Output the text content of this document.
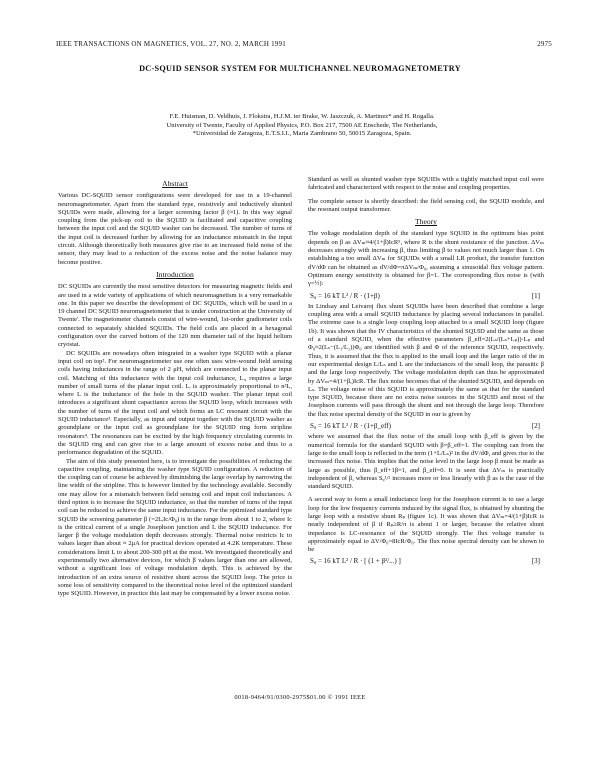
IEEE TRANSACTIONS ON MAGNETICS, VOL. 27, NO. 2, MARCH 1991	2975
DC-SQUID SENSOR SYSTEM FOR MULTICHANNEL NEUROMAGNETOMETRY
F.E. Huisman, D. Veldhuis, J. Flokstra, H.J.M. ter Brake, W. Jaszczuk, A. Martinez* and H. Rogalla.
University of Twente, Faculty of Applied Physics, P.O. Box 217, 7500 AE Enschede, The Netherlands,
*Universidad de Zaragoza, E.T.S.I.I., Maria Zambrano 50, 50015 Zaragoza, Spain.

Standard as well as shunted washer type SQUIDs with a tightly matched input coil were fabricated and characterized with respect to the noise and coupling properties.

The complete sensor is shortly described: the field sensing coil, the SQUID module, and the resonant output transformer.

Theory

The voltage modulation depth of the standard type SQUID in the optimum bias point depends on β as ΔVₘ≈4/(1+β)IcR⁵, where R is the shunt resistance of the junction. ΔVₘ decreases strongly with increasing β, thus limiting β to values not much larger than 1. On establishing a too small ΔVₘ for SQUIDs with a small LR product, the transfer function dV/dΦ can be obtained as dV/dΦ=πΔVₘ/Φ₀, assuming a sinusoidal flux voltage pattern. Optimum energy sensitivity is obtained for β=1. The corresponding flux noise is (with γ=½):

Sᵩ = 16 kT L² / R · (1+β)	[1]

In Lindsay and Leivaroj flux shunt SQUIDs have been described that combine a large coupling area with a small SQUID inductance by placing several inductances in parallel. The extreme case is a single loop coupling loop attached to a small SQUID loop (figure 1b). It was shown that the IV characteristics of the shunted SQUID and the same as those of a standard SQUID, when the effective parameters β_eff=2(Lₛ/(Lₛ+Lₚ))·Lₚ and Φ₀≈2(Lₛ−(L₁/L₂))Φ₀ are identified with β and Φ of the reference SQUID, respectively. Thus, it is assumed that the flux is applied to the small loop and the larger ratio of the in our experimental design L/Lₛ and L are the inductances of the small loop, the parasitic β and the large loop respectively. The voltage modulation depth can thus be approximated by ΔVₘ=4/(1+βₑ)IcR. The flux noise becomes that of the shunted SQUID, and depends on Lₛ. The voltage noise of this SQUID is approximately the same as that for the standard type SQUID, because there are no extra noise sources in the SQUID and most of the Josephson currents will pass through the shunt and not through the large loop. Therefore the flux noise spectral density of the SQUID in our is given by

Sᵩ = 16 kT L² / R · (1+β_eff)	[2]

where we assumed that the flux noise of the small loop with β_eff is given by the numerical formula for the standard SQUID with β=β_eff=1. The coupling can from the large to the small loop is reflected in the term (1+L/Lₛ)² in the dV/dΦ, and gives rise to the increased flux noise. This implies that the noise level in the large loop β must be made as large as possible, thus β_eff+1β=1, and β_eff=0. It is seen that ΔVₘ is practically independent of β, whereas Sᵩ¹/² increases more or less linearly with β as is the case of the standard SQUID.

A second way to form a small inductance loop for the Josephson current is to use a large loop for the low frequency currents induced by the signal flux, is obtained by shunting the large loop with a resistive shunt Rₚ (figure 1c). It was shown that ΔVₘ=4/(1+β)IcR is nearly independent of β if Rₚ≥R/π is about 1 or larger, because the relative shunt impedance is LC-resonance of the SQUID strongly. The flux voltage transfer is approximately equal to ΔV/Φ₀=8IcR/Φ₀. The flux noise spectral density can be shown to be

Sᵩ = 16 kT L² / R · [ (1 + β²/...) ]	[3]
Abstract

Various DC-SQUID sensor configurations were developed for use in a 19-channel neuromagnetometer. Apart from the standard type, resistively and inductively shunted SQUIDs were made, allowing for a larger screening factor β (≈1). In this way signal coupling from the pick-up coil to the SQUID is facilitated and capacitive coupling between the input coil and the SQUID washer can be decreased. The number of turns of the input coil is decreased further by allowing for an inductance mismatch in the input circuit. Although theoretically both measures give rise to an increased field noise of the sensor, they may lead to a reduction of the excess noise and the noise balance may become positive.

Introduction

DC SQUIDs are currently the most sensitive detectors for measuring magnetic fields and are used in a wide variety of applications of which neuromagnetism is a very remarkable one. In this paper we describe the development of DC SQUIDs, which will be used in a 19 channel DC SQUID neuromagnetometer that is under construction at the University of Twente'. The magnetometer channels consist of wire-wound, 1st-order gradiometer coils connected to separately shielded SQUIDs. The field coils are placed in a hexagonal configuration over the curved bottom of the 120 mm diameter tail of the liquid helium cryostat.

DC SQUIDs are nowadays often integrated in a washer type SQUID with a planar input coil on top². For neuromagnetometer use one often uses wire-wound field sensing coils having inductances in the range of 2 μH, which are connected to the planar input coil. Matching of this inductance with the input coil inductance, Lᵢ, requires a large number of small turns of the planar input coil. Lᵢ is approximately proportional to n²L, where L is the inductance of the hole in the SQUID washer. The planar input coil introduces a significant shunt capacitance across the SQUID loop, which increases with the number of turns of the input coil and which forms an LC resonant circuit with the SQUID inductance³. Especially, as input and output together with the SQUID washer as groundplane or the input coil as groundplane for the SQUID ring form stripline resonators⁴. The resonances can be excited by the high frequency circulating currents in the SQUID ring and can give rise to a large amount of excess noise and thus to a performance degradation of the SQUID.

The aim of this study presented here, is to investigate the possibilities of reducing the capacitive coupling, maintaining the washer type SQUID configuration. A reduction of the coupling can of course be achieved by diminishing the large overlap by narrowing the line width of the stripline. This is however limited by the technology available. Secondly one may allow for a mismatch between field sensing coil and input coil inductances. A third option is to increase the SQUID inductance, so that the number of turns of the input coil can be reduced to achieve the same input inductance. For the optimized standard type SQUID the screening parameter β (=2LᵢIc/Φ₀) is in the range from about 1 to 2, where Ic is the critical current of a single Josephson junction and L the SQUID inductance. For larger β the voltage modulation depth decreases strongly. Thermal noise restricts Ic to values larger than about ≈ 2μA for practical devices operated at 4.2K temperature. These considerations limit L to about 200-300 pH at the most. We investigated theoretically and experimentally two alternative devices, for which β values larger than one are allowed, without a significant loss of voltage modulation depth. This is achieved by the introduction of an extra source of resistive shunt across the SQUID loop. The price is some loss of sensitivity compared to the theoretical noise level of the optimized standard type SQUID. However, in practice this last may be compensated by a lower excess noise.

0018-9464/91/0300-2975$01.00 © 1991 IEEE
